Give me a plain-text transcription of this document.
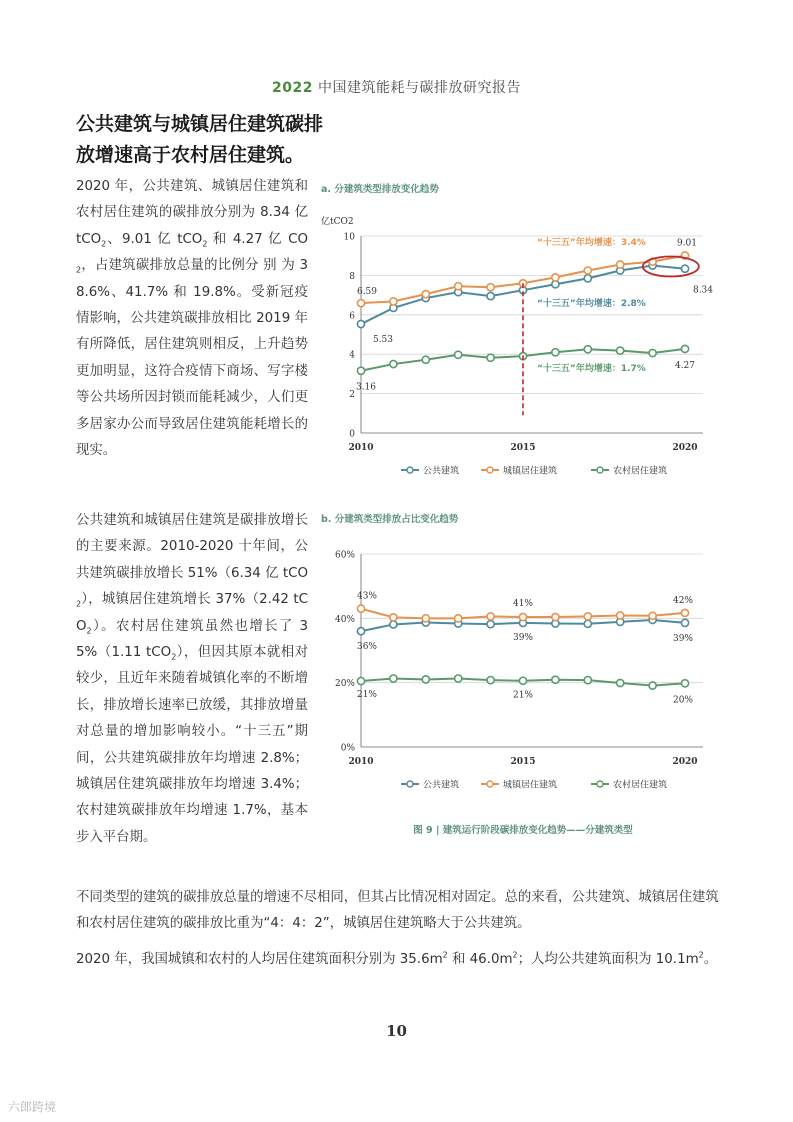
2022 中国建筑能耗与碳排放研究报告
公共建筑与城镇居住建筑碳排放增速高于农村居住建筑。
2020 年，公共建筑、城镇居住建筑和农村居住建筑的碳排放分别为 8.34 亿 tCO$_2$、9.01 亿 tCO$_2$ 和 4.27 亿 $CO_2$，占建筑碳排放总量的比例分 别 为 38.6%、41.7% 和 19.8%。受新冠疫情影响，公共建筑碳排放相比 2019 年有所降低，居住建筑则相反，上升趋势更加明显，这符合疫情下商场、写字楼等公共场所因封锁而能耗减少，人们更多居家办公而导致居住建筑能耗增长的现实。
公共建筑和城镇居住建筑是碳排放增长的主要来源。2010-2020 十年间，公共建筑碳排放增长 51%（6.34 亿 tCO$_2$），城镇居住建筑增长 37%（2.42 tCO$_2$）。农村居住建筑虽然也增长了 35%（1.11 tCO$_2$），但因其原本就相对较少，且近年来随着城镇化率的不断增长，排放增长速率已放缓，其排放增量对总量的增加影响较小。“十三五”期间，公共建筑碳排放年均增速 2.8%；城镇居住建筑碳排放年均增速 3.4%；农村建筑碳排放年均增速 1.7%，基本步入平台期。
不同类型的建筑的碳排放总量的增速不尽相同，但其占比情况相对固定。总的来看，公共建筑、城镇居住建筑和农村居住建筑的碳排放比重为“4：4：2”，城镇居住建筑略大于公共建筑。
2020 年，我国城镇和农村的人均居住建筑面积分别为 $35.6m^2$ 和 $46.0m^2$；人均公共建筑面积为 $10.1m^2$。
a. 分建筑类型排放变化趋势
0
2
4
6
8
10
2010	2015	2020
公共建筑	城镇居住建筑	农村居住建筑
亿tCO2
6.59
5.53
3.16
9.01
8.34
4.27
“十三五”年均增速：3.4%
“十三五”年均增速：2.8%
“十三五”年均增速：1.7%
b. 分建筑类型排放占比变化趋势
0%
20%
40%
60%
2010	2015	2020
公共建筑	城镇居住建筑	农村居住建筑
43%
41%	42%
36%
39%	39%
21%	21%	20%
图 9 | 建筑运行阶段碳排放变化趋势——分建筑类型
10
六郎跨境
